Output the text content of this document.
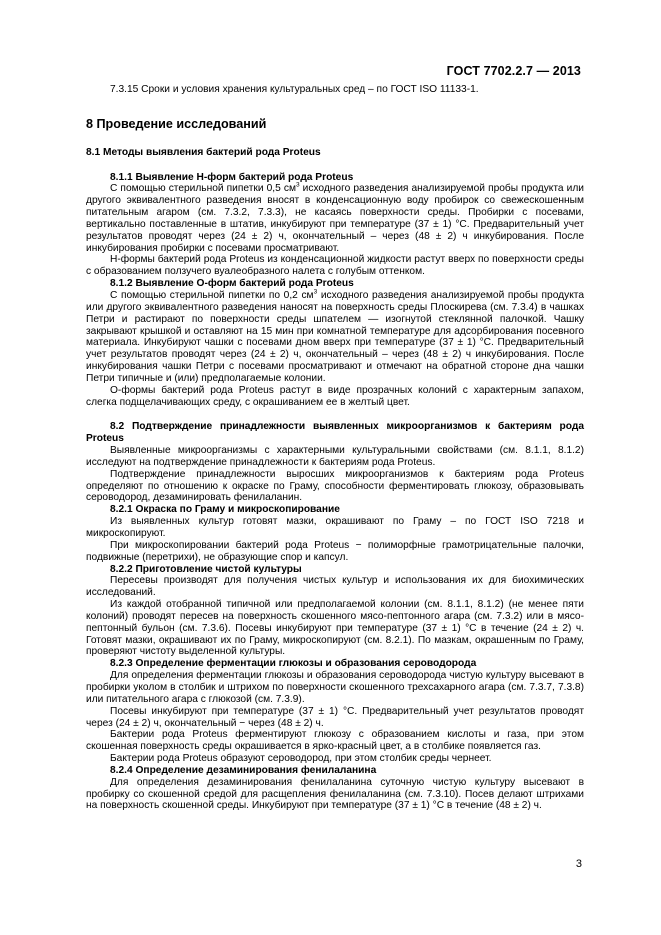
ГОСТ 7702.2.7 — 2013

7.3.15 Сроки и условия хранения культуральных сред – по ГОСТ ISO 11133-1.

8 Проведение исследований

8.1 Методы выявления бактерий рода Proteus

8.1.1 Выявление Н-форм бактерий рода Proteus

С помощью стерильной пипетки 0,5 $см^3$ исходного разведения анализируемой пробы продукта или другого эквивалентного разведения вносят в конденсационную воду пробирок со свежескошенным питательным агаром (см. 7.3.2, 7.3.3), не касаясь поверхности среды. Пробирки с посевами, вертикально поставленные в штатив, инкубируют при температуре (37 ± 1) °С. Предварительный учет результатов проводят через (24 ± 2) ч, окончательный – через (48 ± 2) ч инкубирования. После инкубирования пробирки с посевами просматривают.

Н-формы бактерий рода Proteus из конденсационной жидкости растут вверх по поверхности среды с образованием ползучего вуалеобразного налета с голубым оттенком.

8.1.2 Выявление О-форм бактерий рода Proteus

С помощью стерильной пипетки по 0,2 $см^3$ исходного разведения анализируемой пробы продукта или другого эквивалентного разведения наносят на поверхность среды Плоскирева (см. 7.3.4) в чашках Петри и растирают по поверхности среды шпателем — изогнутой стеклянной палочкой. Чашку закрывают крышкой и оставляют на 15 мин при комнатной температуре для адсорбирования посевного материала. Инкубируют чашки с посевами дном вверх при температуре (37 ± 1) °С. Предварительный учет результатов проводят через (24 ± 2) ч, окончательный – через (48 ± 2) ч инкубирования. После инкубирования чашки Петри с посевами просматривают и отмечают на обратной стороне дна чашки Петри типичные и (или) предполагаемые колонии.

О-формы бактерий рода Proteus растут в виде прозрачных колоний с характерным запахом, слегка подщелачивающих среду, с окрашиванием ее в желтый цвет.

8.2 Подтверждение принадлежности выявленных микроорганизмов к бактериям рода Proteus

Выявленные микроорганизмы с характерными культуральными свойствами (см. 8.1.1, 8.1.2) исследуют на подтверждение принадлежности к бактериям рода Proteus.

Подтверждение принадлежности выросших микроорганизмов к бактериям рода Proteus определяют по отношению к окраске по Граму, способности ферментировать глюкозу, образовывать сероводород, дезаминировать фенилаланин.

8.2.1 Окраска по Граму и микроскопирование

Из выявленных культур готовят мазки, окрашивают по Граму – по ГОСТ ISO 7218 и микроскопируют.

При микроскопировании бактерий рода Proteus − полиморфные грамотрицательные палочки, подвижные (перетрихи), не образующие спор и капсул.

8.2.2 Приготовление чистой культуры

Пересевы производят для получения чистых культур и использования их для биохимических исследований.

Из каждой отобранной типичной или предполагаемой колонии (см. 8.1.1, 8.1.2) (не менее пяти колоний) проводят пересев на поверхность скошенного мясо-пептонного агара (см. 7.3.2) или в мясо-пептонный бульон (см. 7.3.6). Посевы инкубируют при температуре (37 ± 1) °С в течение (24 ± 2) ч. Готовят мазки, окрашивают их по Граму, микроскопируют (см. 8.2.1). По мазкам, окрашенным по Граму, проверяют чистоту выделенной культуры.

8.2.3 Определение ферментации глюкозы и образования сероводорода

Для определения ферментации глюкозы и образования сероводорода чистую культуру высевают в пробирки уколом в столбик и штрихом по поверхности скошенного трехсахарного агара (см. 7.3.7, 7.3.8) или питательного агара с глюкозой (см. 7.3.9).

Посевы инкубируют при температуре (37 ± 1) °С. Предварительный учет результатов проводят через (24 ± 2) ч, окончательный − через (48 ± 2) ч.

Бактерии рода Proteus ферментируют глюкозу с образованием кислоты и газа, при этом скошенная поверхность среды окрашивается в ярко-красный цвет, а в столбике появляется газ.

Бактерии рода Proteus образуют сероводород, при этом столбик среды чернеет.

8.2.4 Определение дезаминирования фенилаланина

Для определения дезаминирования фенилаланина суточную чистую культуру высевают в пробирку со скошенной средой для расщепления фенилаланина (см. 7.3.10). Посев делают штрихами на поверхность скошенной среды. Инкубируют при температуре (37 ± 1) °С в течение (48 ± 2) ч.

3
